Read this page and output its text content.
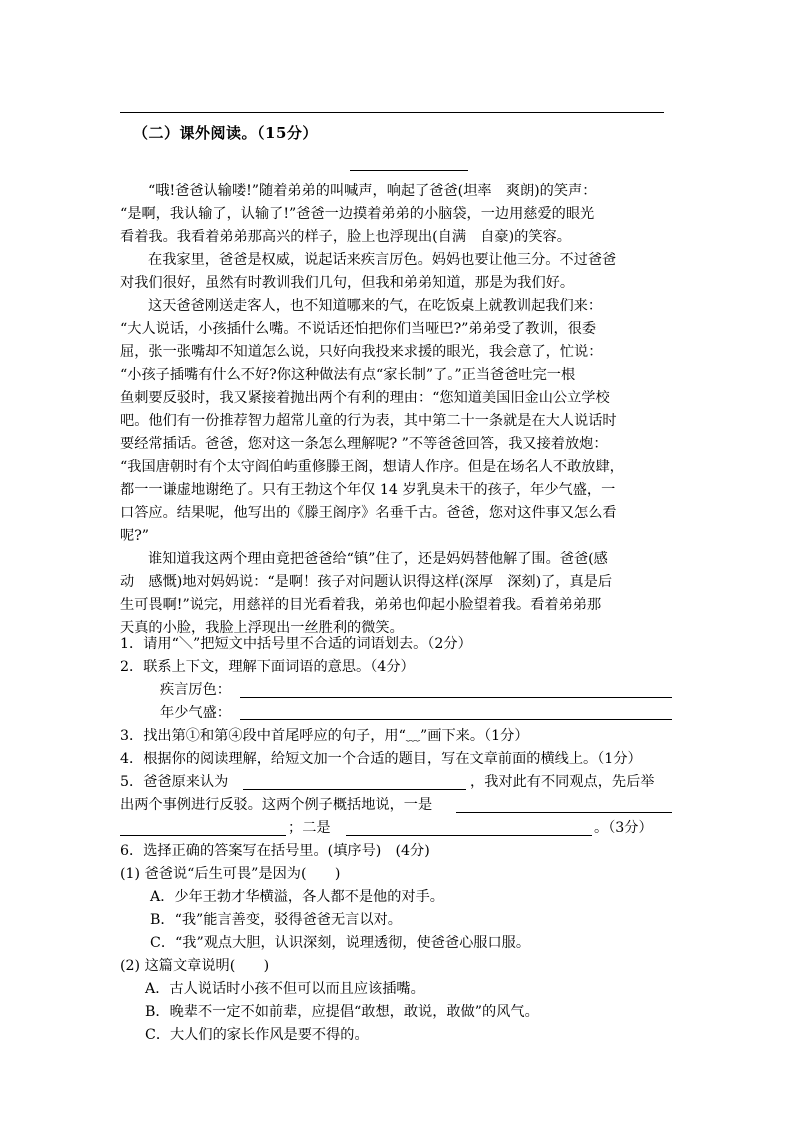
（二）课外阅读。（15分）
“哦!爸爸认输喽!”随着弟弟的叫喊声，响起了爸爸(坦率　爽朗)的笑声：
“是啊，我认输了，认输了!”爸爸一边摸着弟弟的小脑袋，一边用慈爱的眼光
看着我。我看着弟弟那高兴的样子，脸上也浮现出(自满　自豪)的笑容。
在我家里，爸爸是权威，说起话来疾言厉色。妈妈也要让他三分。不过爸爸
对我们很好，虽然有时教训我们几句，但我和弟弟知道，那是为我们好。
这天爸爸刚送走客人，也不知道哪来的气，在吃饭桌上就教训起我们来：
“大人说话，小孩插什么嘴。不说话还怕把你们当哑巴?”弟弟受了教训，很委
屈，张一张嘴却不知道怎么说，只好向我投来求援的眼光，我会意了，忙说：
“小孩子插嘴有什么不好?你这种做法有点“家长制”了。”正当爸爸吐完一根
鱼刺要反驳时，我又紧接着抛出两个有利的理由：“您知道美国旧金山公立学校
吧。他们有一份推荐智力超常儿童的行为表，其中第二十一条就是在大人说话时
要经常插话。爸爸，您对这一条怎么理解呢? ”不等爸爸回答，我又接着放炮：
“我国唐朝时有个太守阎伯屿重修滕王阁，想请人作序。但是在场名人不敢放肆，
都一一谦虚地谢绝了。只有王勃这个年仅 14 岁乳臭未干的孩子，年少气盛，一
口答应。结果呢，他写出的《滕王阁序》名垂千古。爸爸，您对这件事又怎么看
呢?”
谁知道我这两个理由竟把爸爸给“镇”住了，还是妈妈替他解了围。爸爸(感
动　感慨)地对妈妈说：“是啊！孩子对问题认识得这样(深厚　深刻)了，真是后
生可畏啊!”说完，用慈祥的目光看着我，弟弟也仰起小脸望着我。看着弟弟那
天真的小脸，我脸上浮现出一丝胜利的微笑。
1．请用“＼”把短文中括号里不合适的词语划去。（2分）
2．联系上下文，理解下面词语的意思。（4分）
疾言厉色：
年少气盛：
3．找出第①和第④段中首尾呼应的句子，用“﹏”画下来。（1分）
4．根据你的阅读理解，给短文加一个合适的题目，写在文章前面的横线上。（1分）
5．爸爸原来认为	，我对此有不同观点，先后举
出两个事例进行反驳。这两个例子概括地说，一是
；二是	。（3分）
6．选择正确的答案写在括号里。(填序号)　(4分)
(1) 爸爸说“后生可畏”是因为(　　)
A．少年王勃才华横溢，各人都不是他的对手。
B．“我”能言善变，驳得爸爸无言以对。
C．“我”观点大胆，认识深刻，说理透彻，使爸爸心服口服。
(2) 这篇文章说明(　　)
A．古人说话时小孩不但可以而且应该插嘴。
B．晚辈不一定不如前辈，应提倡“敢想，敢说，敢做”的风气。
C．大人们的家长作风是要不得的。
